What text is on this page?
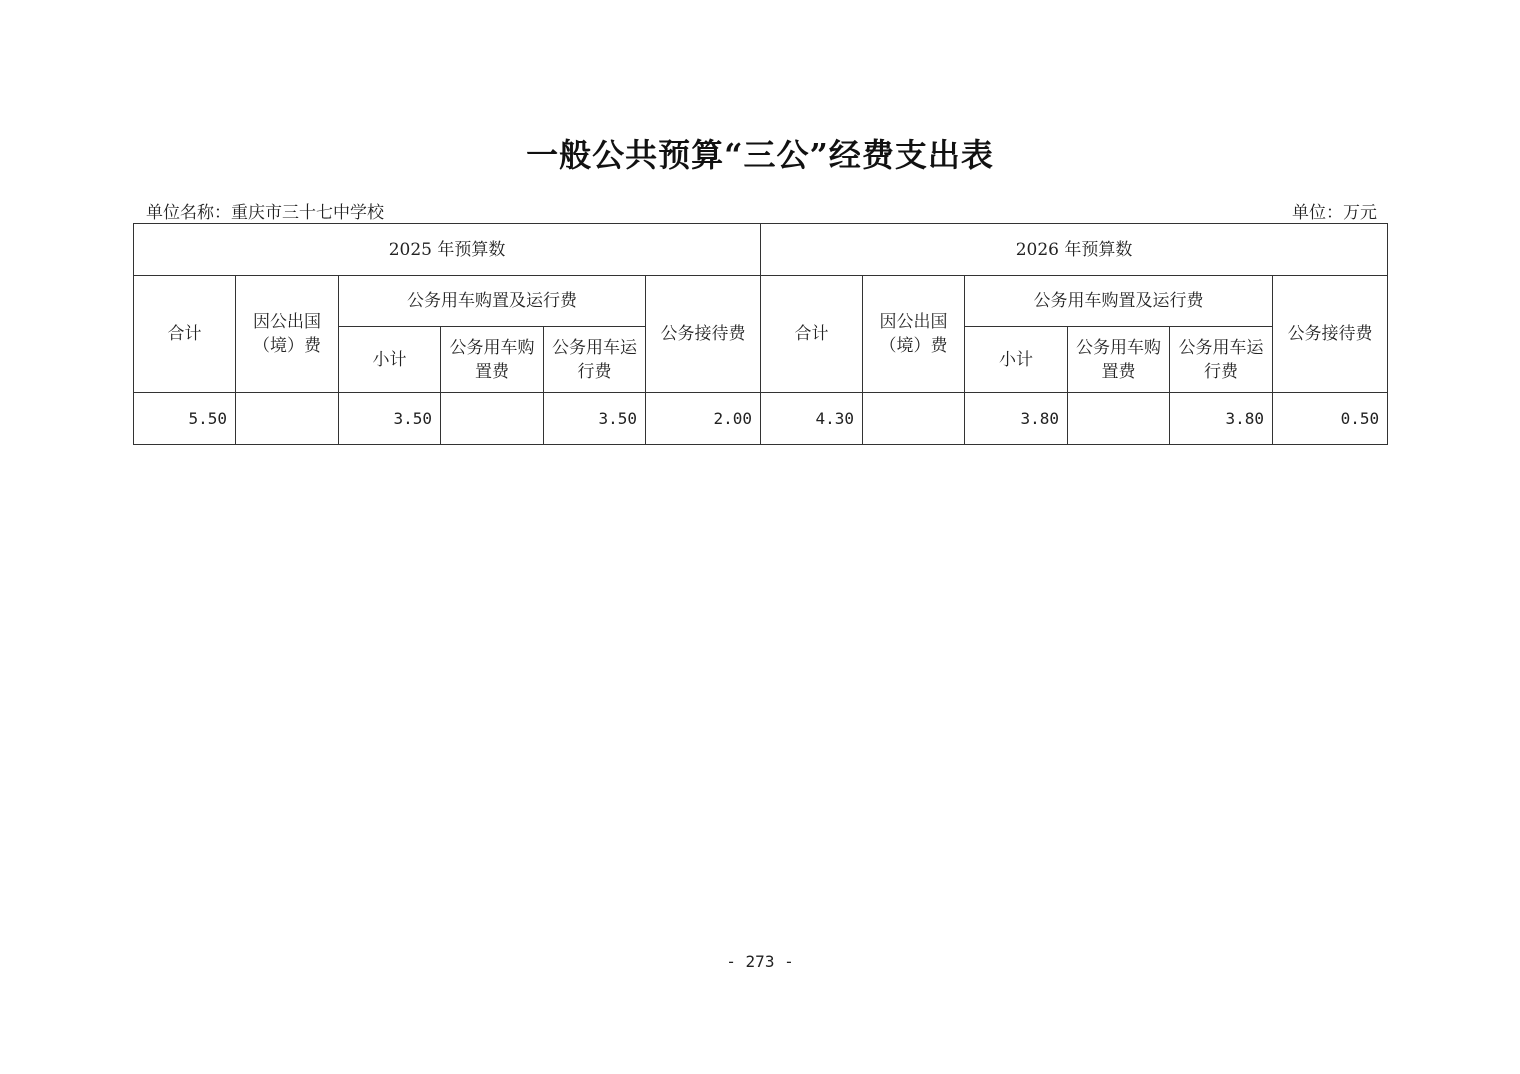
一般公共预算“三公”经费支出表
单位名称：重庆市三十七中学校	单位：万元
2025 年预算数						2026 年预算数					
合计	因公出国（境）费	公务用车购置及运行费			公务接待费	合计	因公出国（境）费	公务用车购置及运行费			公务接待费
		小计	公务用车购置费	公务用车运行费				小计	公务用车购置费	公务用车运行费	
5.50		3.50		3.50	2.00	4.30		3.80		3.80	0.50
- 273 -
